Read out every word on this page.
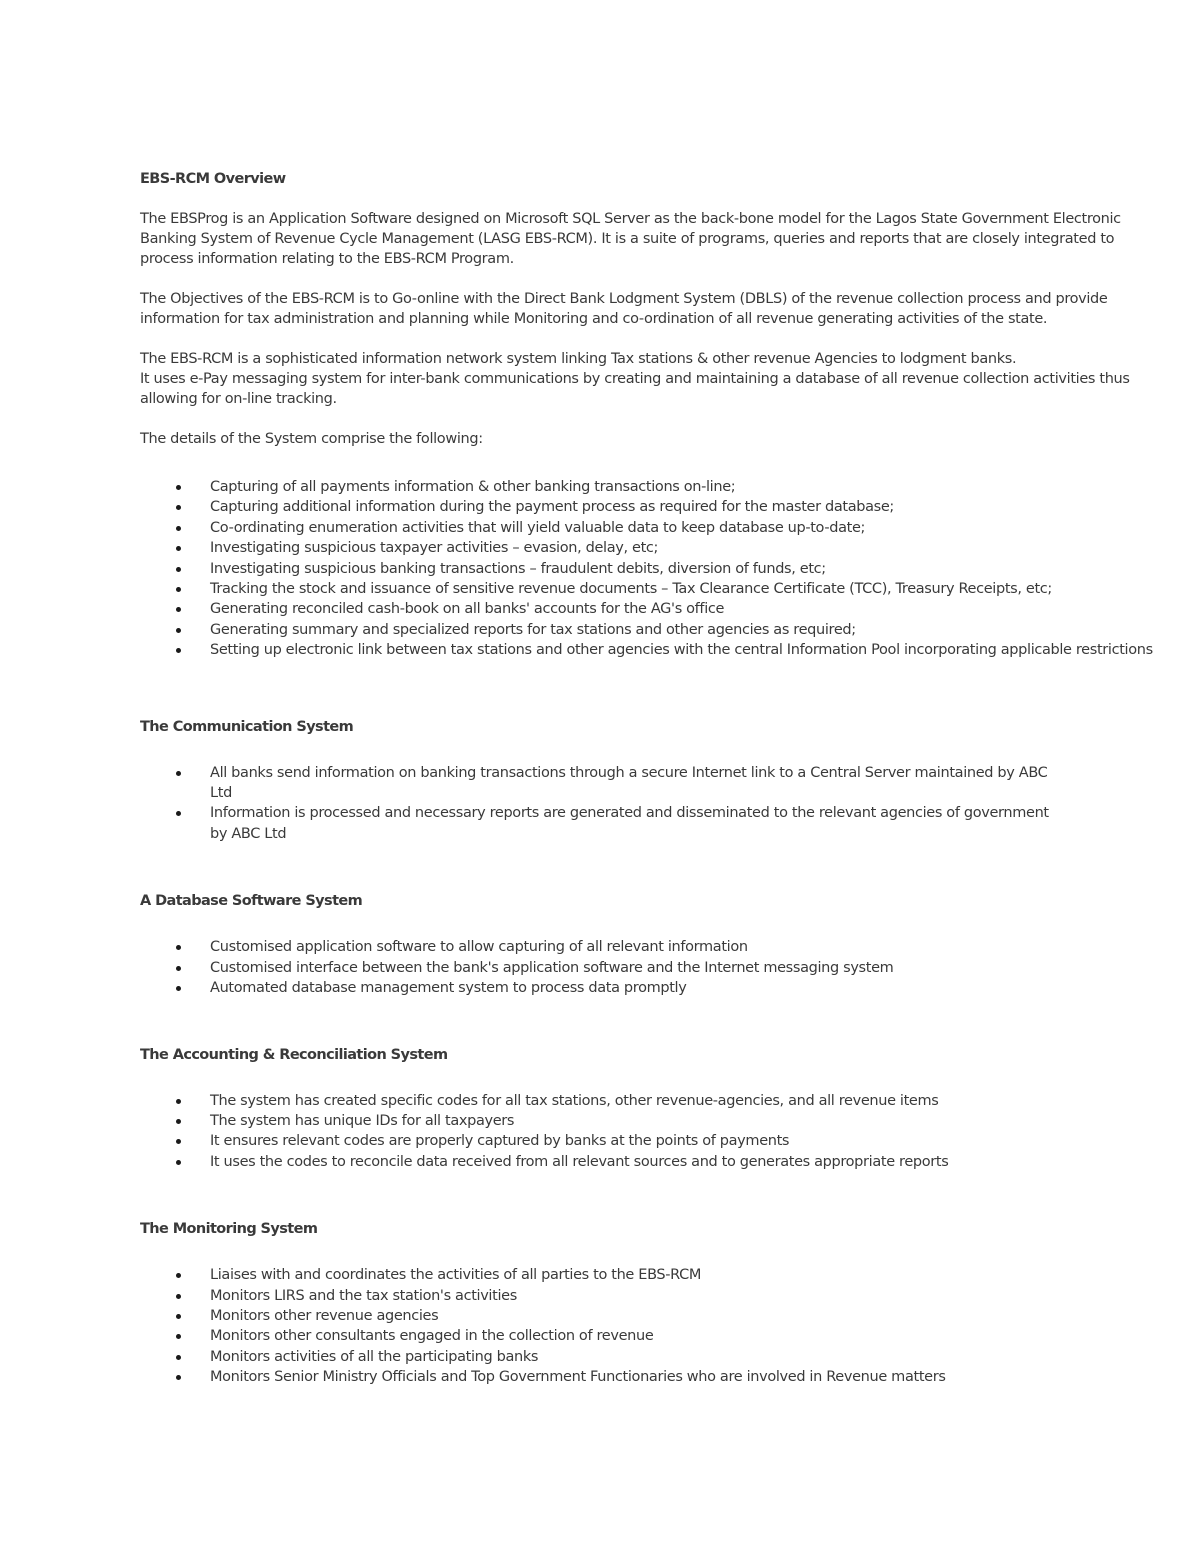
EBS-RCM Overview

The EBSProg is an Application Software designed on Microsoft SQL Server as the back-bone model for the Lagos State Government Electronic
Banking System of Revenue Cycle Management (LASG EBS-RCM). It is a suite of programs, queries and reports that are closely integrated to
process information relating to the EBS-RCM Program.

The Objectives of the EBS-RCM is to Go-online with the Direct Bank Lodgment System (DBLS) of the revenue collection process and provide
information for tax administration and planning while Monitoring and co-ordination of all revenue generating activities of the state.

The EBS-RCM is a sophisticated information network system linking Tax stations & other revenue Agencies to lodgment banks.
It uses e-Pay messaging system for inter-bank communications by creating and maintaining a database of all revenue collection activities thus
allowing for on-line tracking.

The details of the System comprise the following:

Capturing of all payments information & other banking transactions on-line;
Capturing additional information during the payment process as required for the master database;
Co-ordinating enumeration activities that will yield valuable data to keep database up-to-date;
Investigating suspicious taxpayer activities – evasion, delay, etc;
Investigating suspicious banking transactions – fraudulent debits, diversion of funds, etc;
Tracking the stock and issuance of sensitive revenue documents – Tax Clearance Certificate (TCC), Treasury Receipts, etc;
Generating reconciled cash-book on all banks' accounts for the AG's office
Generating summary and specialized reports for tax stations and other agencies as required;
Setting up electronic link between tax stations and other agencies with the central Information Pool incorporating applicable restrictions
The Communication System
All banks send information on banking transactions through a secure Internet link to a Central Server maintained by ABC Ltd
Information is processed and necessary reports are generated and disseminated to the relevant agencies of government by ABC Ltd
A Database Software System
Customised application software to allow capturing of all relevant information
Customised interface between the bank's application software and the Internet messaging system
Automated database management system to process data promptly
The Accounting & Reconciliation System
The system has created specific codes for all tax stations, other revenue-agencies, and all revenue items
The system has unique IDs for all taxpayers
It ensures relevant codes are properly captured by banks at the points of payments
It uses the codes to reconcile data received from all relevant sources and to generates appropriate reports
The Monitoring System
Liaises with and coordinates the activities of all parties to the EBS-RCM
Monitors LIRS and the tax station's activities
Monitors other revenue agencies
Monitors other consultants engaged in the collection of revenue
Monitors activities of all the participating banks
Monitors Senior Ministry Officials and Top Government Functionaries who are involved in Revenue matters
